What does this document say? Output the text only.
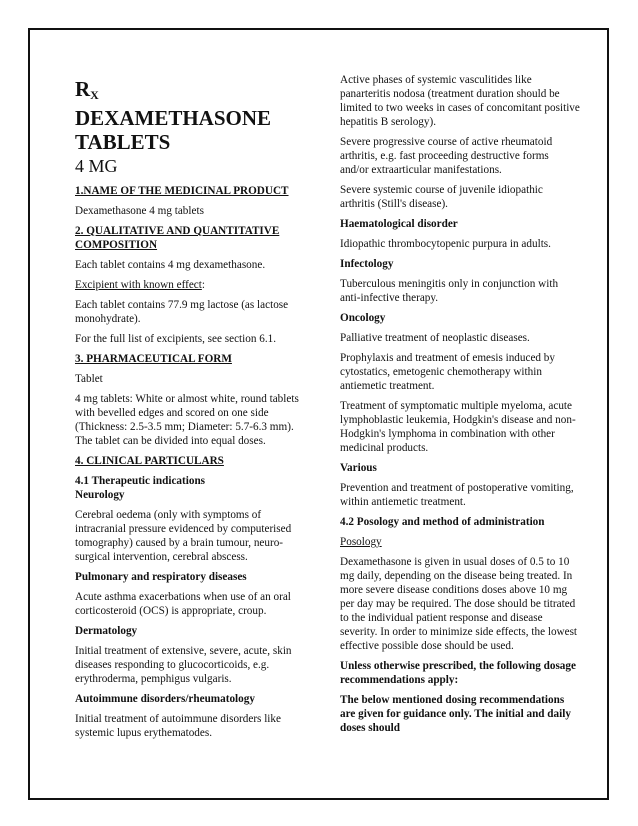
$R_X$
DEXAMETHASONE
TABLETS
4 MG

1.NAME OF THE MEDICINAL PRODUCT

Dexamethasone 4 mg tablets

2. QUALITATIVE AND QUANTITATIVE COMPOSITION

Each tablet contains 4 mg dexamethasone.

Excipient with known effect:

Each tablet contains 77.9 mg lactose (as lactose monohydrate).

For the full list of excipients, see section 6.1.

3. PHARMACEUTICAL FORM

Tablet

4 mg tablets: White or almost white, round tablets with bevelled edges and scored on one side (Thickness: 2.5-3.5 mm; Diameter: 5.7-6.3 mm). The tablet can be divided into equal doses.

4. CLINICAL PARTICULARS

4.1 Therapeutic indications

Neurology

Cerebral oedema (only with symptoms of intracranial pressure evidenced by computerised tomography) caused by a brain tumour, neuro-surgical intervention, cerebral abscess.

Pulmonary and respiratory diseases

Acute asthma exacerbations when use of an oral corticosteroid (OCS) is appropriate, croup.

Dermatology

Initial treatment of extensive, severe, acute, skin diseases responding to glucocorticoids, e.g. erythroderma, pemphigus vulgaris.

Autoimmune disorders/rheumatology

Initial treatment of autoimmune disorders like systemic lupus erythematodes.

Active phases of systemic vasculitides like panarteritis nodosa (treatment duration should be limited to two weeks in cases of concomitant positive hepatitis B serology).

Severe progressive course of active rheumatoid arthritis, e.g. fast proceeding destructive forms and/or extraarticular manifestations.

Severe systemic course of juvenile idiopathic arthritis (Still's disease).

Haematological disorder

Idiopathic thrombocytopenic purpura in adults.

Infectology

Tuberculous meningitis only in conjunction with anti-infective therapy.

Oncology

Palliative treatment of neoplastic diseases.

Prophylaxis and treatment of emesis induced by cytostatics, emetogenic chemotherapy within antiemetic treatment.

Treatment of symptomatic multiple myeloma, acute lymphoblastic leukemia, Hodgkin's disease and non-Hodgkin's lymphoma in combination with other medicinal products.

Various

Prevention and treatment of postoperative vomiting, within antiemetic treatment.

4.2 Posology and method of administration

Posology

Dexamethasone is given in usual doses of 0.5 to 10 mg daily, depending on the disease being treated. In more severe disease conditions doses above 10 mg per day may be required. The dose should be titrated to the individual patient response and disease severity. In order to minimize side effects, the lowest effective possible dose should be used.

Unless otherwise prescribed, the following dosage recommendations apply:

The below mentioned dosing recommendations are given for guidance only. The initial and daily doses should
